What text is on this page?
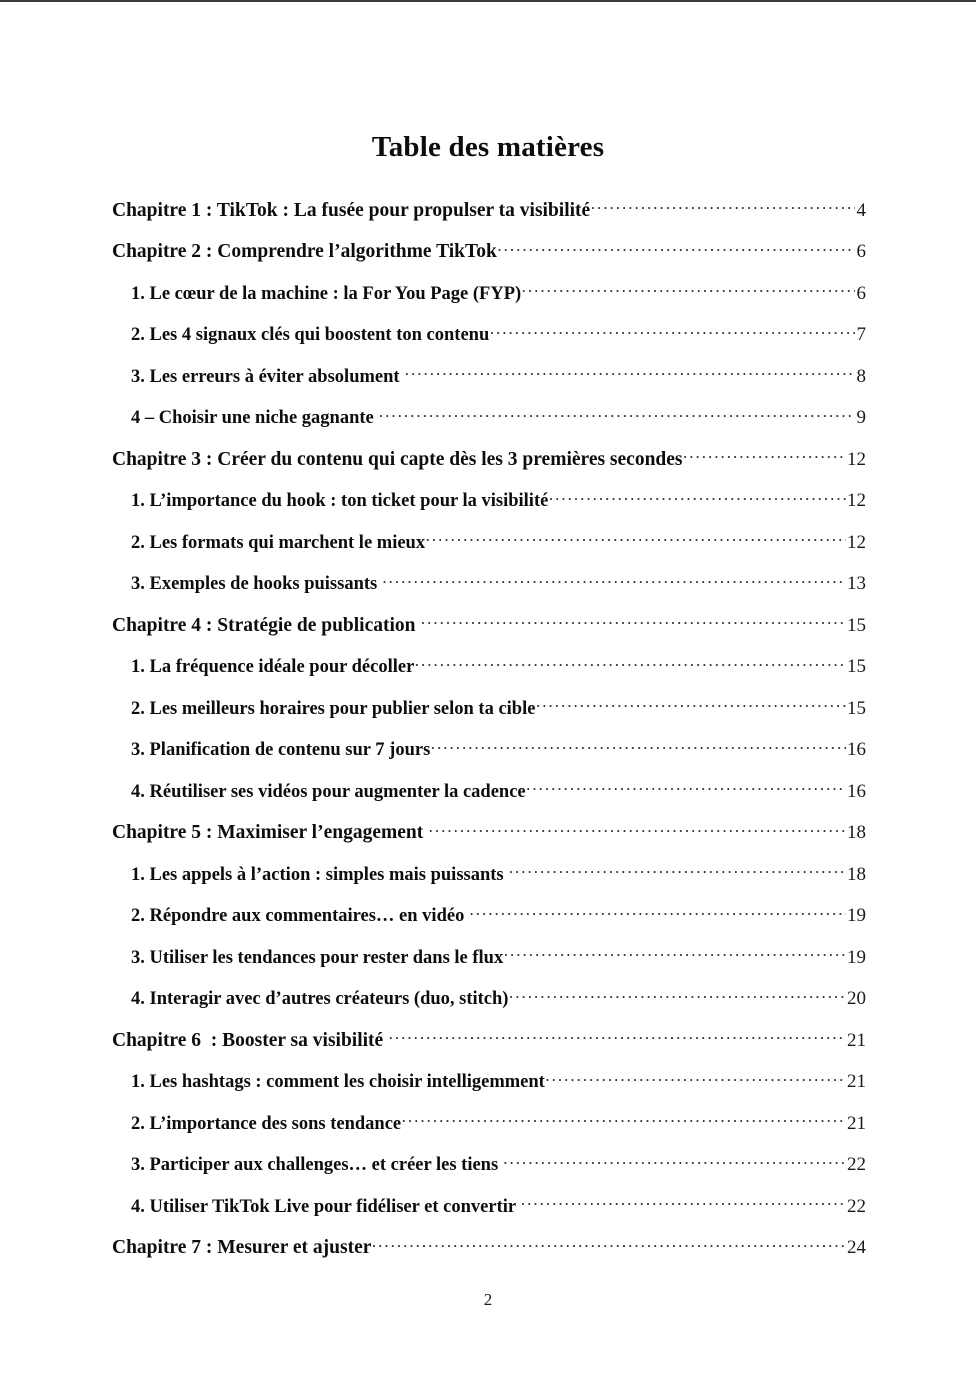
Table des matières
Chapitre 1 : TikTok : La fusée pour propulser ta visibilité .....	4
Chapitre 2 : Comprendre l’algorithme TikTok .....	6
1. Le cœur de la machine : la For You Page (FYP) .....	6
2. Les 4 signaux clés qui boostent ton contenu .....	7
3. Les erreurs à éviter absolument .....	8
4 – Choisir une niche gagnante .....	9
Chapitre 3 : Créer du contenu qui capte dès les 3 premières secondes .....	12
1. L’importance du hook : ton ticket pour la visibilité .....	12
2. Les formats qui marchent le mieux .....	12
3. Exemples de hooks puissants .....	13
Chapitre 4 : Stratégie de publication .....	15
1. La fréquence idéale pour décoller .....	15
2. Les meilleurs horaires pour publier selon ta cible .....	15
3. Planification de contenu sur 7 jours .....	16
4. Réutiliser ses vidéos pour augmenter la cadence .....	16
Chapitre 5 : Maximiser l’engagement .....	18
1. Les appels à l’action : simples mais puissants .....	18
2. Répondre aux commentaires… en vidéo .....	19
3. Utiliser les tendances pour rester dans le flux .....	19
4. Interagir avec d’autres créateurs (duo, stitch) .....	20
Chapitre 6  : Booster sa visibilité .....	21
1. Les hashtags : comment les choisir intelligemment .....	21
2. L’importance des sons tendance .....	21
3. Participer aux challenges… et créer les tiens .....	22
4. Utiliser TikTok Live pour fidéliser et convertir .....	22
Chapitre 7 : Mesurer et ajuster .....	24
2
